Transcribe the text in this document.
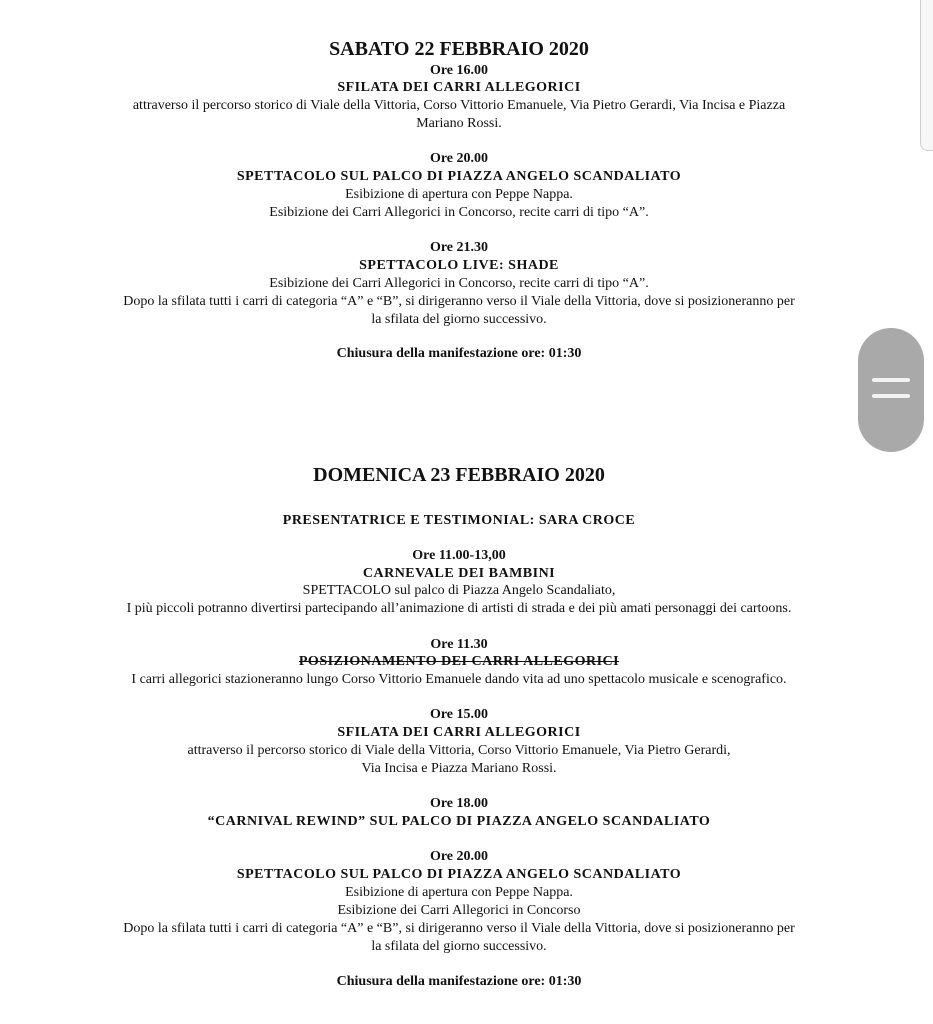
SABATO 22 FEBBRAIO 2020
Ore 16.00
SFILATA DEI CARRI ALLEGORICI
attraverso il percorso storico di Viale della Vittoria, Corso Vittorio Emanuele, Via Pietro Gerardi, Via Incisa e Piazza
Mariano Rossi.
Ore 20.00
SPETTACOLO SUL PALCO DI PIAZZA ANGELO SCANDALIATO
Esibizione di apertura con Peppe Nappa.
Esibizione dei Carri Allegorici in Concorso, recite carri di tipo “A”.
Ore 21.30
SPETTACOLO LIVE: SHADE
Esibizione dei Carri Allegorici in Concorso, recite carri di tipo “A”.
Dopo la sfilata tutti i carri di categoria “A” e “B”, si dirigeranno verso il Viale della Vittoria, dove si posizioneranno per
la sfilata del giorno successivo.
Chiusura della manifestazione ore: 01:30
DOMENICA 23 FEBBRAIO 2020
PRESENTATRICE E TESTIMONIAL: SARA CROCE
Ore 11.00-13,00
CARNEVALE DEI BAMBINI
SPETTACOLO sul palco di Piazza Angelo Scandaliato,
I più piccoli potranno divertirsi partecipando all’animazione di artisti di strada e dei più amati personaggi dei cartoons.
Ore 11.30
POSIZIONAMENTO DEI CARRI ALLEGORICI
I carri allegorici stazioneranno lungo Corso Vittorio Emanuele dando vita ad uno spettacolo musicale e scenografico.
Ore 15.00
SFILATA DEI CARRI ALLEGORICI
attraverso il percorso storico di Viale della Vittoria, Corso Vittorio Emanuele, Via Pietro Gerardi,
Via Incisa e Piazza Mariano Rossi.
Ore 18.00
“CARNIVAL REWIND” SUL PALCO DI PIAZZA ANGELO SCANDALIATO
Ore 20.00
SPETTACOLO SUL PALCO DI PIAZZA ANGELO SCANDALIATO
Esibizione di apertura con Peppe Nappa.
Esibizione dei Carri Allegorici in Concorso
Dopo la sfilata tutti i carri di categoria “A” e “B”, si dirigeranno verso il Viale della Vittoria, dove si posizioneranno per
la sfilata del giorno successivo.
Chiusura della manifestazione ore: 01:30
